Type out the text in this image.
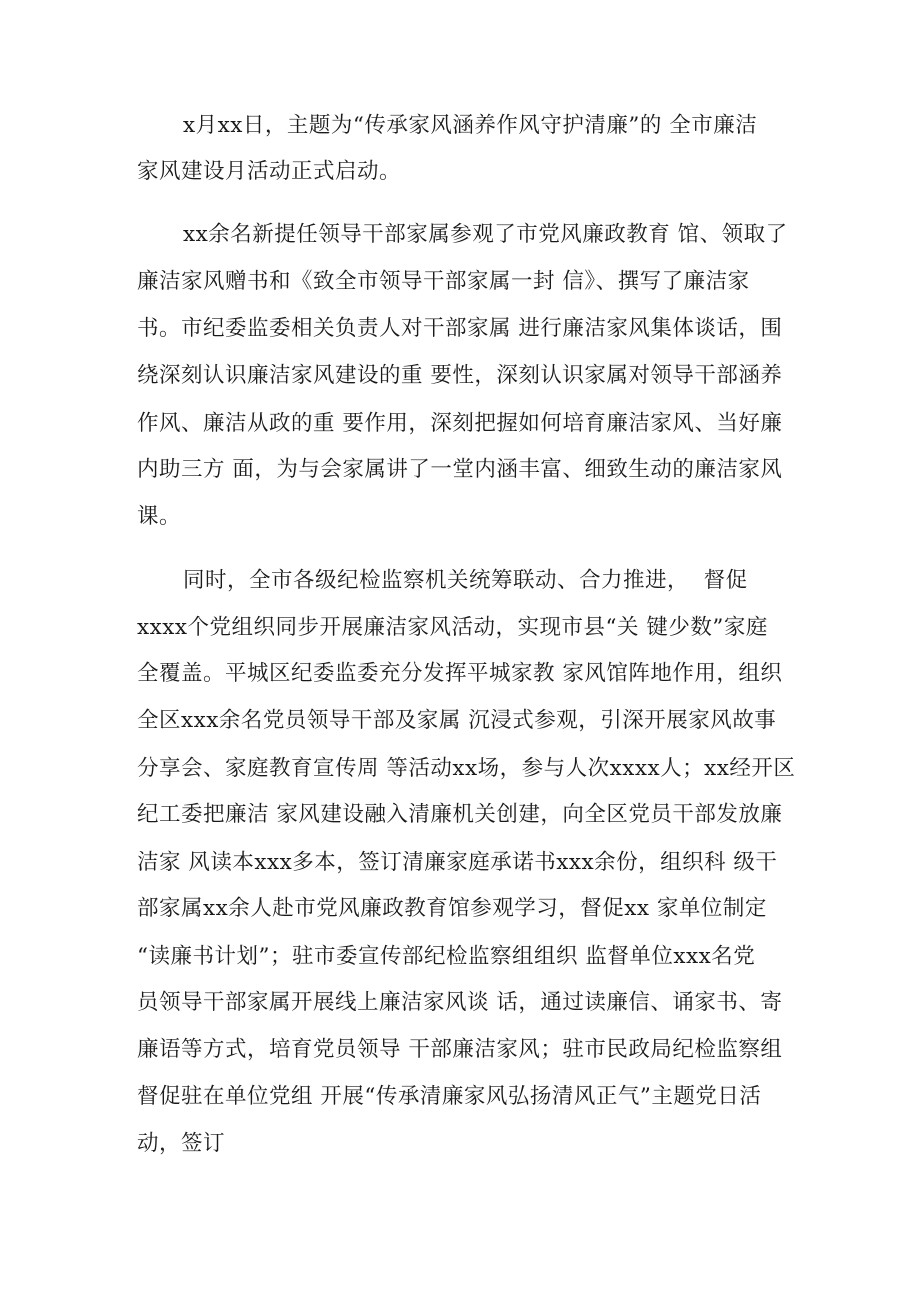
x月xx日，主题为“传承家风涵养作风守护清廉”的 全市廉洁
家风建设月活动正式启动。
xx余名新提任领导干部家属参观了市党风廉政教育 馆、领取了
廉洁家风赠书和《致全市领导干部家属一封 信》、撰写了廉洁家
书。市纪委监委相关负责人对干部家属 进行廉洁家风集体谈话，围
绕深刻认识廉洁家风建设的重 要性，深刻认识家属对领导干部涵养
作风、廉洁从政的重 要作用，深刻把握如何培育廉洁家风、当好廉
内助三方 面，为与会家属讲了一堂内涵丰富、细致生动的廉洁家风
课。
同时，全市各级纪检监察机关统筹联动、合力推进，  督促
xxxx个党组织同步开展廉洁家风活动，实现市县“关 键少数”家庭
全覆盖。平城区纪委监委充分发挥平城家教 家风馆阵地作用，组织
全区xxx余名党员领导干部及家属 沉浸式参观，引深开展家风故事
分享会、家庭教育宣传周 等活动xx场，参与人次xxxx人；xx经开区
纪工委把廉洁 家风建设融入清廉机关创建，向全区党员干部发放廉
洁家 风读本xxx多本，签订清廉家庭承诺书xxx余份，组织科 级干
部家属xx余人赴市党风廉政教育馆参观学习，督促xx 家单位制定
“读廉书计划”；驻市委宣传部纪检监察组组织 监督单位xxx名党
员领导干部家属开展线上廉洁家风谈 话，通过读廉信、诵家书、寄
廉语等方式，培育党员领导 干部廉洁家风；驻市民政局纪检监察组
督促驻在单位党组 开展“传承清廉家风弘扬清风正气”主题党日活
动，签订
